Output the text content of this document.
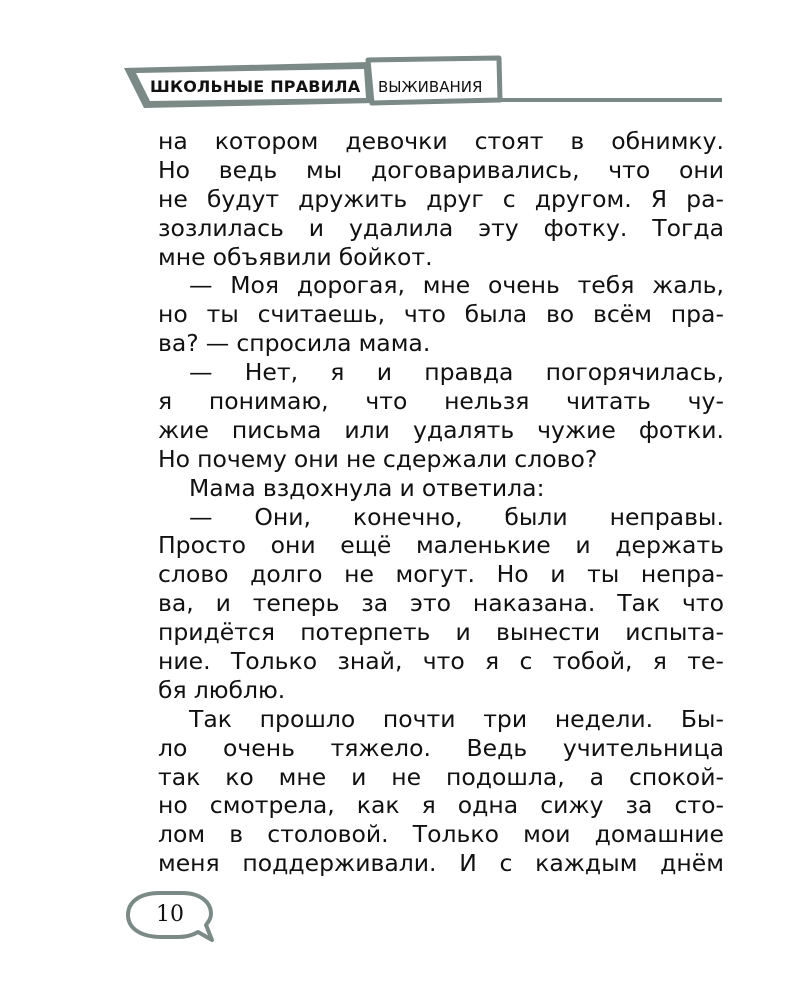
ШКОЛЬНЫЕ ПРАВИЛА ВЫЖИВАНИЯ
на котором девочки стоят в обнимку.
Но ведь мы договаривались, что они
не будут дружить друг с другом. Я ра-
зозлилась и удалила эту фотку. Тогда
мне объявили бойкот.
— Моя дорогая, мне очень тебя жаль,
но ты считаешь, что была во всём пра-
ва? — спросила мама.
— Нет, я и правда погорячилась,
я понимаю, что нельзя читать чу-
жие письма или удалять чужие фотки.
Но почему они не сдержали слово?
Мама вздохнула и ответила:
— Они, конечно, были неправы.
Просто они ещё маленькие и держать
слово долго не могут. Но и ты непра-
ва, и теперь за это наказана. Так что
придётся потерпеть и вынести испыта-
ние. Только знай, что я с тобой, я те-
бя люблю.
Так прошло почти три недели. Бы-
ло очень тяжело. Ведь учительница
так ко мне и не подошла, а спокой-
но смотрела, как я одна сижу за сто-
лом в столовой. Только мои домашние
меня поддерживали. И с каждым днём
10
